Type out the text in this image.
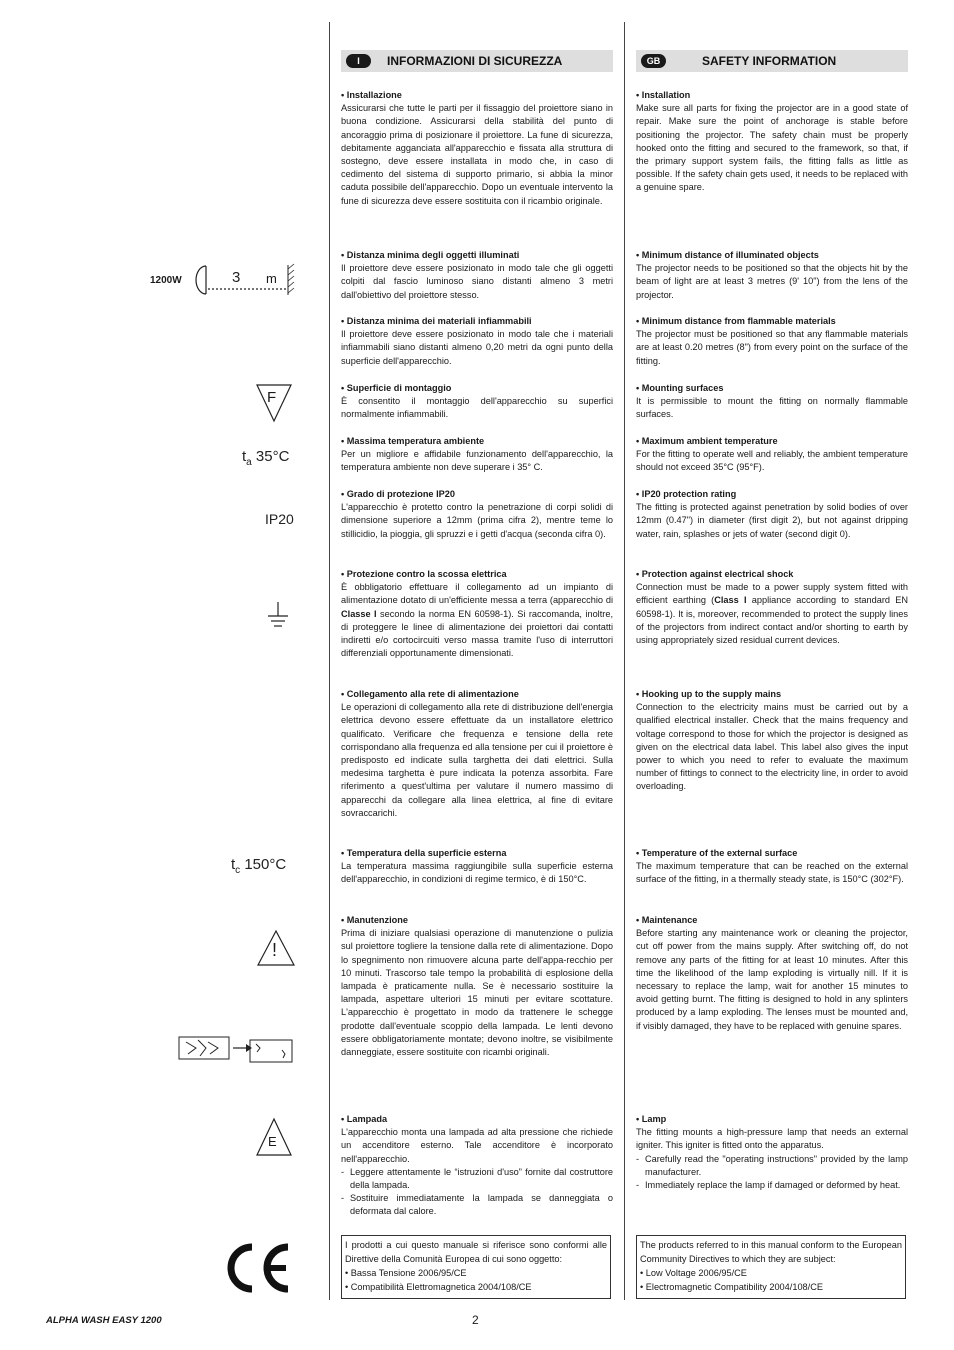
1200W	3 m
F
$t_a$ 35°C
IP20
$t_c$ 150°C
!
E
I	INFORMAZIONI DI SICUREZZA
• Installazione

Assicurarsi che tutte le parti per il fissaggio del proiettore siano in buona condizione. Assicurarsi della stabilità del punto di ancoraggio prima di posizionare il proiettore. La fune di sicurezza, debitamente agganciata all'apparecchio e fissata alla struttura di sostegno, deve essere installata in modo che, in caso di cedimento del sistema di supporto primario, si abbia la minor caduta possibile dell'apparecchio. Dopo un eventuale intervento la fune di sicurezza deve essere sostituita con il ricambio originale.

• Distanza minima degli oggetti illuminati

Il proiettore deve essere posizionato in modo tale che gli oggetti colpiti dal fascio luminoso siano distanti almeno 3 metri dall'obiettivo del proiettore stesso.

• Distanza minima dei materiali infiammabili

Il proiettore deve essere posizionato in modo tale che i materiali infiammabili siano distanti almeno 0,20 metri da ogni punto della superficie dell'apparecchio.

• Superficie di montaggio

È consentito il montaggio dell'apparecchio su superfici normalmente infiammabili.

• Massima temperatura ambiente

Per un migliore e affidabile funzionamento dell'apparecchio, la temperatura ambiente non deve superare i 35° C.

• Grado di protezione IP20

L'apparecchio è protetto contro la penetrazione di corpi solidi di dimensione superiore a 12mm (prima cifra 2), mentre teme lo stillicidio, la pioggia, gli spruzzi e i getti d'acqua (seconda cifra 0).

• Protezione contro la scossa elettrica

È obbligatorio effettuare il collegamento ad un impianto di alimentazione dotato di un'efficiente messa a terra (apparecchio di Classe I secondo la norma EN 60598-1). Si raccomanda, inoltre, di proteggere le linee di alimentazione dei proiettori dai contatti indiretti e/o cortocircuiti verso massa tramite l'uso di interruttori differenziali opportunamente dimensionati.

• Collegamento alla rete di alimentazione

Le operazioni di collegamento alla rete di distribuzione dell'energia elettrica devono essere effettuate da un installatore elettrico qualificato. Verificare che frequenza e tensione della rete corrispondano alla frequenza ed alla tensione per cui il proiettore è predisposto ed indicate sulla targhetta dei dati elettrici. Sulla medesima targhetta è pure indicata la potenza assorbita. Fare riferimento a quest'ultima per valutare il numero massimo di apparecchi da collegare alla linea elettrica, al fine di evitare sovraccarichi.

• Temperatura della superficie esterna

La temperatura massima raggiungibile sulla superficie esterna dell'apparecchio, in condizioni di regime termico, è di 150°C.

• Manutenzione

Prima di iniziare qualsiasi operazione di manutenzione o pulizia sul proiettore togliere la tensione dalla rete di alimentazione. Dopo lo spegnimento non rimuovere alcuna parte dell'appa-recchio per 10 minuti. Trascorso tale tempo la probabilità di esplosione della lampada è praticamente nulla. Se è necessario sostituire la lampada, aspettare ulteriori 15 minuti per evitare scottature. L'apparecchio è progettato in modo da trattenere le schegge prodotte dall'eventuale scoppio della lampada. Le lenti devono essere obbligatoriamente montate; devono inoltre, se visibilmente danneggiate, essere sostituite con ricambi originali.

• Lampada

L'apparecchio monta una lampada ad alta pressione che richiede un accenditore esterno. Tale accenditore è incorporato nell'apparecchio.

- Leggere attentamente le “istruzioni d'uso” fornite dal costruttore della lampada.
- Sostituire immediatamente la lampada se danneggiata o deformata dal calore.

I prodotti a cui questo manuale si riferisce sono conformi alle Direttive della Comunità Europea di cui sono oggetto:

• Bassa Tensione 2006/95/CE
• Compatibilità Elettromagnetica 2004/108/CE
GB	SAFETY INFORMATION
• Installation

Make sure all parts for fixing the projector are in a good state of repair. Make sure the point of anchorage is stable before positioning the projector. The safety chain must be properly hooked onto the fitting and secured to the framework, so that, if the primary support system fails, the fitting falls as little as possible. If the safety chain gets used, it needs to be replaced with a genuine spare.

• Minimum distance of illuminated objects

The projector needs to be positioned so that the objects hit by the beam of light are at least 3 metres (9' 10") from the lens of the projector.

• Minimum distance from flammable materials

The projector must be positioned so that any flammable materials are at least 0.20 metres (8") from every point on the surface of the fitting.

• Mounting surfaces

It is permissible to mount the fitting on normally flammable surfaces.

• Maximum ambient temperature

For the fitting to operate well and reliably, the ambient temperature should not exceed 35°C (95°F).

• IP20 protection rating

The fitting is protected against penetration by solid bodies of over 12mm (0.47") in diameter (first digit 2), but not against dripping water, rain, splashes or jets of water (second digit 0).

• Protection against electrical shock

Connection must be made to a power supply system fitted with efficient earthing (Class I appliance according to standard EN 60598-1). It is, moreover, recommended to protect the supply lines of the projectors from indirect contact and/or shorting to earth by using appropriately sized residual current devices.

• Hooking up to the supply mains

Connection to the electricity mains must be carried out by a qualified electrical installer. Check that the mains frequency and voltage correspond to those for which the projector is designed as given on the electrical data label. This label also gives the input power to which you need to refer to evaluate the maximum number of fittings to connect to the electricity line, in order to avoid overloading.

• Temperature of the external surface

The maximum temperature that can be reached on the external surface of the fitting, in a thermally steady state, is 150°C (302°F).

• Maintenance

Before starting any maintenance work or cleaning the projector, cut off power from the mains supply. After switching off, do not remove any parts of the fitting for at least 10 minutes. After this time the likelihood of the lamp exploding is virtually nill. If it is necessary to replace the lamp, wait for another 15 minutes to avoid getting burnt. The fitting is designed to hold in any splinters produced by a lamp exploding. The lenses must be mounted and, if visibly damaged, they have to be replaced with genuine spares.

• Lamp

The fitting mounts a high-pressure lamp that needs an external igniter. This igniter is fitted onto the apparatus.

- Carefully read the "operating instructions" provided by the lamp manufacturer.
- Immediately replace the lamp if damaged or deformed by heat.

The products referred to in this manual conform to the European Community Directives to which they are subject:

• Low Voltage 2006/95/CE
• Electromagnetic Compatibility 2004/108/CE
ALPHA WASH EASY 1200	2
